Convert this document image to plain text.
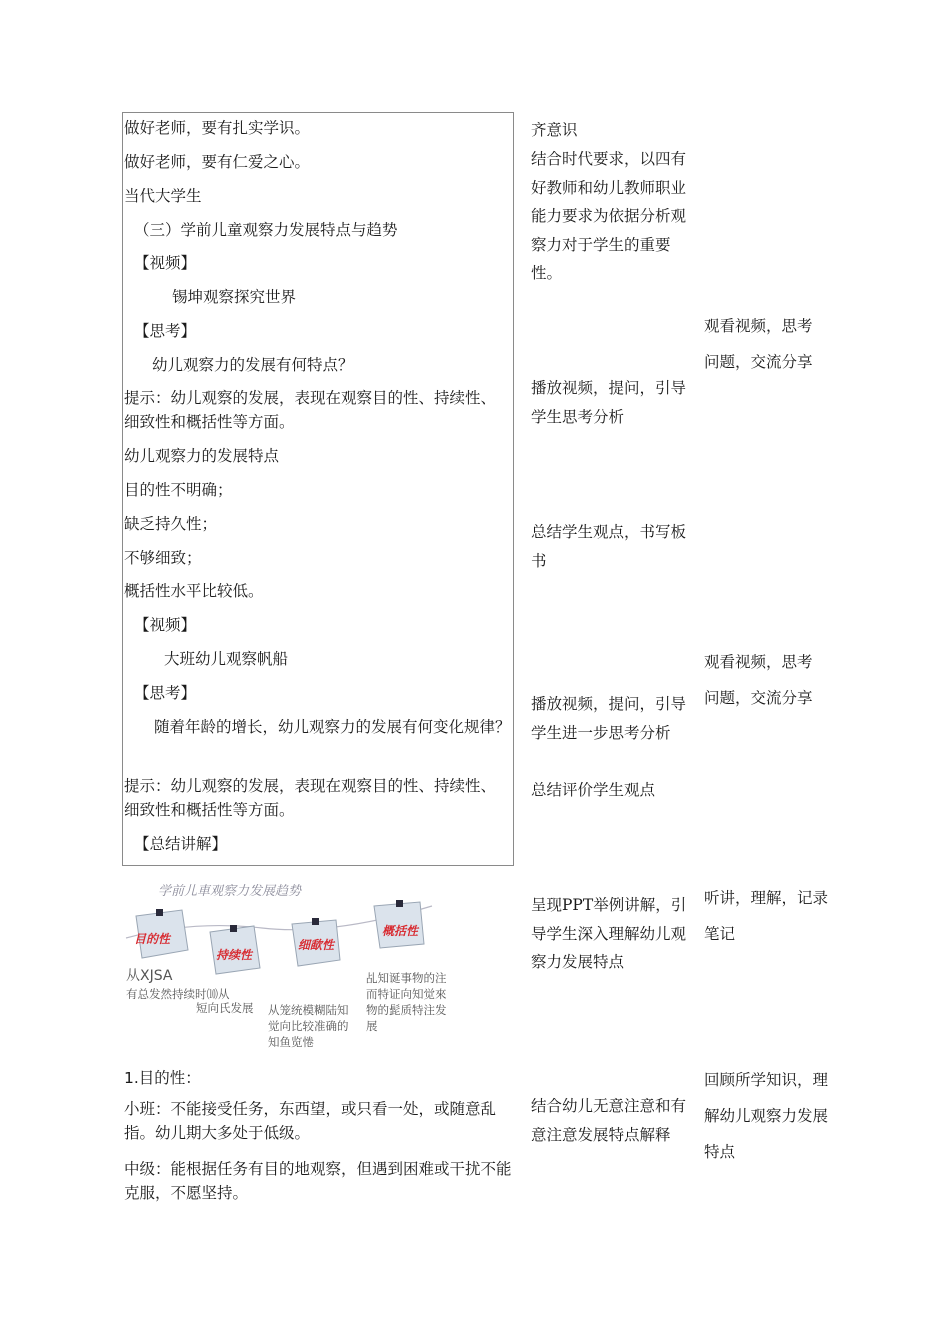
做好老师，要有扎实学识。
做好老师，要有仁爱之心。
当代大学生
（三）学前儿童观察力发展特点与趋势
【视频】
锡坤观察探究世界
【思考】
幼儿观察力的发展有何特点？
提示：幼儿观察的发展，表现在观察目的性、持续性、细致性和概括性等方面。
幼儿观察力的发展特点
目的性不明确；
缺乏持久性；
不够细致；
概括性水平比较低。
【视频】
大班幼儿观察帆船
【思考】
随着年龄的增长，幼儿观察力的发展有何变化规律？
提示：幼儿观察的发展，表现在观察目的性、持续性、细致性和概括性等方面。
【总结讲解】
齐意识
结合时代要求，以四有好教师和幼儿教师职业能力要求为依据分析观察力对于学生的重要性。
播放视频，提问，引导学生思考分析
总结学生观点，书写板书
播放视频，提问，引导学生进一步思考分析
总结评价学生观点
呈现PPT举例讲解，引导学生深入理解幼儿观察力发展特点
结合幼儿无意注意和有意注意发展特点解释
观看视频，思考问题，交流分享
观看视频，思考问题，交流分享
听讲，理解，记录笔记
回顾所学知识，理解幼儿观察力发展特点
学前儿車观察力发展趋势
目的性
持续性
细歃性
概括性
从XJSA
有总发然持续时⑽从
短向氏发展 从笼统模糊陆知觉向比较准确的知鱼览惓
乩知诞事物的注而特证向知觉來物的髭质特注发展
1.目的性：
小班：不能接受任务，东西望，或只看一处，或随意乱指。幼儿期大多处于低级。
中级：能根据任务有目的地观察，但遇到困难或干扰不能克服，不愿坚持。
